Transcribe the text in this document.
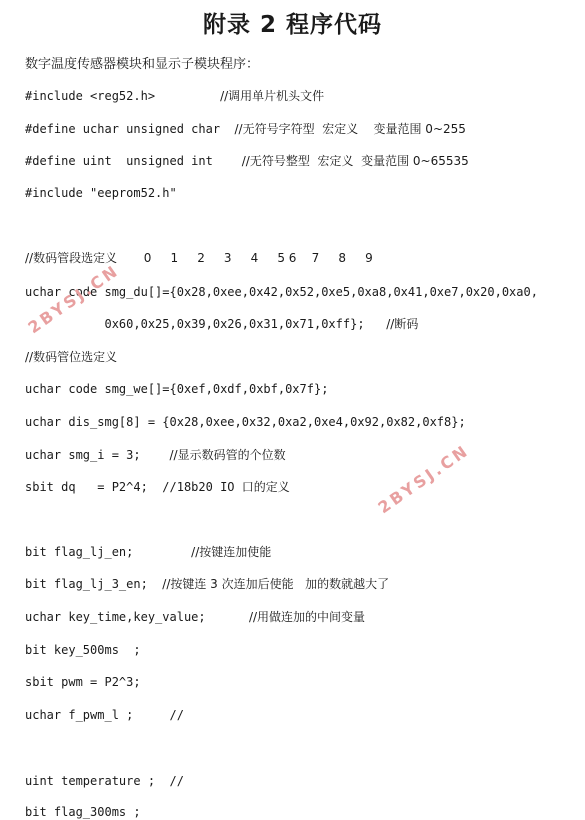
附录 2 程序代码
数字温度传感器模块和显示子模块程序：
#include <reg52.h>         //调用单片机头文件
#define uchar unsigned char  //无符号字符型  宏定义    变量范围 0~255
#define uint  unsigned int    //无符号整型  宏定义  变量范围 0~65535
#include "eeprom52.h"
//数码管段选定义       0     1     2     3     4     5 6    7     8     9
uchar code smg_du[]={0x28,0xee,0x42,0x52,0xe5,0xa8,0x41,0xe7,0x20,0xa0,
0x60,0x25,0x39,0x26,0x31,0x71,0xff};   //断码
//数码管位选定义
uchar code smg_we[]={0xef,0xdf,0xbf,0x7f};
uchar dis_smg[8] = {0x28,0xee,0x32,0xa2,0xe4,0x92,0x82,0xf8};
uchar smg_i = 3;    //显示数码管的个位数
sbit dq   = P2^4;  //18b20 IO 口的定义
bit flag_lj_en;        //按键连加使能
bit flag_lj_3_en;  //按键连 3 次连加后使能   加的数就越大了
uchar key_time,key_value;      //用做连加的中间变量
bit key_500ms  ;
sbit pwm = P2^3;
uchar f_pwm_l ;     //
uint temperature ;  //
bit flag_300ms ;
2BYSJ.CN
2BYSJ.CN
